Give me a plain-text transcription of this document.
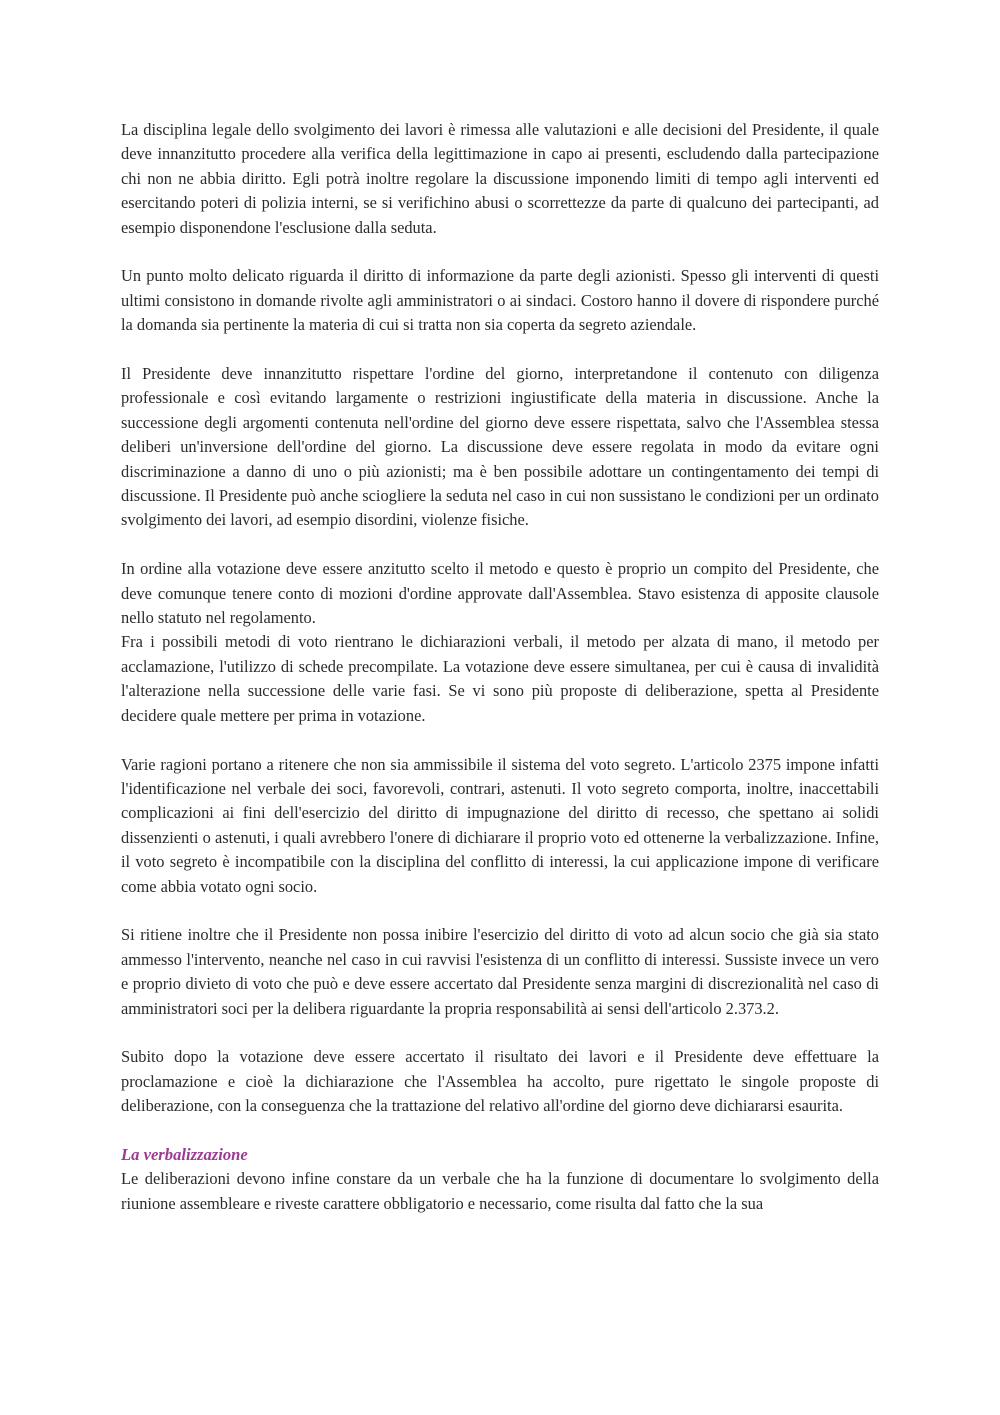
La disciplina legale dello svolgimento dei lavori è rimessa alle valutazioni e alle decisioni del Presidente, il quale deve innanzitutto procedere alla verifica della legittimazione in capo ai presenti, escludendo dalla partecipazione chi non ne abbia diritto. Egli potrà inoltre regolare la discussione imponendo limiti di tempo agli interventi ed esercitando poteri di polizia interni, se si verifichino abusi o scorrettezze da parte di qualcuno dei partecipanti, ad esempio disponendone l'esclusione dalla seduta.

Un punto molto delicato riguarda il diritto di informazione da parte degli azionisti. Spesso gli interventi di questi ultimi consistono in domande rivolte agli amministratori o ai sindaci. Costoro hanno il dovere di rispondere purché la domanda sia pertinente la materia di cui si tratta non sia coperta da segreto aziendale.

Il Presidente deve innanzitutto rispettare l'ordine del giorno, interpretandone il contenuto con diligenza professionale e così evitando largamente o restrizioni ingiustificate della materia in discussione. Anche la successione degli argomenti contenuta nell'ordine del giorno deve essere rispettata, salvo che l'Assemblea stessa deliberi un'inversione dell'ordine del giorno. La discussione deve essere regolata in modo da evitare ogni discriminazione a danno di uno o più azionisti; ma è ben possibile adottare un contingentamento dei tempi di discussione. Il Presidente può anche sciogliere la seduta nel caso in cui non sussistano le condizioni per un ordinato svolgimento dei lavori, ad esempio disordini, violenze fisiche.

In ordine alla votazione deve essere anzitutto scelto il metodo e questo è proprio un compito del Presidente, che deve comunque tenere conto di mozioni d'ordine approvate dall'Assemblea. Stavo esistenza di apposite clausole nello statuto nel regolamento.

Fra i possibili metodi di voto rientrano le dichiarazioni verbali, il metodo per alzata di mano, il metodo per acclamazione, l'utilizzo di schede precompilate. La votazione deve essere simultanea, per cui è causa di invalidità l'alterazione nella successione delle varie fasi. Se vi sono più proposte di deliberazione, spetta al Presidente decidere quale mettere per prima in votazione.

Varie ragioni portano a ritenere che non sia ammissibile il sistema del voto segreto. L'articolo 2375 impone infatti l'identificazione nel verbale dei soci, favorevoli, contrari, astenuti. Il voto segreto comporta, inoltre, inaccettabili complicazioni ai fini dell'esercizio del diritto di impugnazione del diritto di recesso, che spettano ai solidi dissenzienti o astenuti, i quali avrebbero l'onere di dichiarare il proprio voto ed ottenerne la verbalizzazione. Infine, il voto segreto è incompatibile con la disciplina del conflitto di interessi, la cui applicazione impone di verificare come abbia votato ogni socio.

Si ritiene inoltre che il Presidente non possa inibire l'esercizio del diritto di voto ad alcun socio che già sia stato ammesso l'intervento, neanche nel caso in cui ravvisi l'esistenza di un conflitto di interessi. Sussiste invece un vero e proprio divieto di voto che può e deve essere accertato dal Presidente senza margini di discrezionalità nel caso di amministratori soci per la delibera riguardante la propria responsabilità ai sensi dell'articolo 2.373.2.

Subito dopo la votazione deve essere accertato il risultato dei lavori e il Presidente deve effettuare la proclamazione e cioè la dichiarazione che l'Assemblea ha accolto, pure rigettato le singole proposte di deliberazione, con la conseguenza che la trattazione del relativo all'ordine del giorno deve dichiararsi esaurita.

La verbalizzazione

Le deliberazioni devono infine constare da un verbale che ha la funzione di documentare lo svolgimento della riunione assembleare e riveste carattere obbligatorio e necessario, come risulta dal fatto che la sua
